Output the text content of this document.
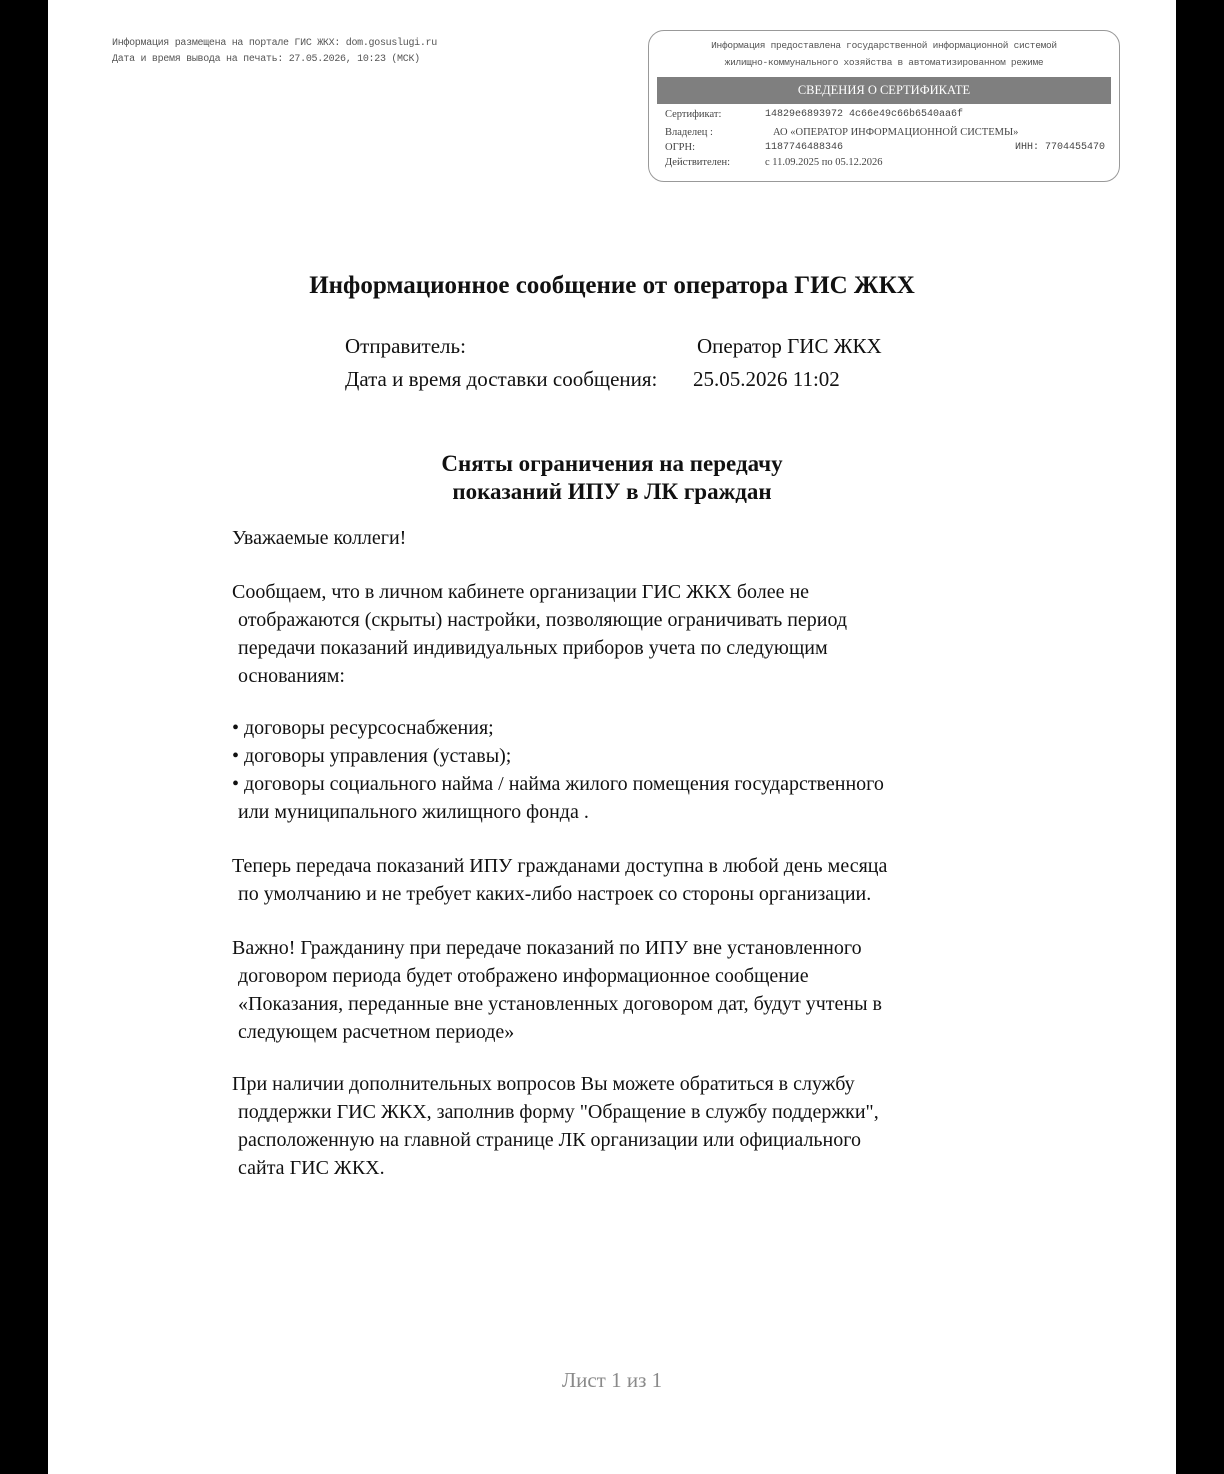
Информация размещена на портале ГИС ЖКХ: dom.gosuslugi.ru
Дата и время вывода на печать: 27.05.2026, 10:23 (МСК)
Информация предоставлена государственной информационной системой
жилищно-коммунального хозяйства в автоматизированном режиме
СВЕДЕНИЯ О СЕРТИФИКАТЕ
Сертификат:	14829e6893972 4c66e49c66b6540aa6f
Владелец :	АО «ОПЕРАТОР ИНФОРМАЦИОННОЙ СИСТЕМЫ»
ОГРН:	1187746488346	ИНН: 7704455470
Действителен:	с 11.09.2025 по 05.12.2026
Информационное сообщение от оператора ГИС ЖКХ
Отправитель:	Оператор ГИС ЖКХ
Дата и время доставки сообщения: 25.05.2026 11:02
Сняты ограничения на передачу
показаний ИПУ в ЛК граждан
Уважаемые коллеги!
Сообщаем, что в личном кабинете организации ГИС ЖКХ более не
отображаются (скрыты) настройки, позволяющие ограничивать период
передачи показаний индивидуальных приборов учета по следующим
основаниям:
• договоры ресурсоснабжения;
• договоры управления (уставы);
• договоры социального найма / найма жилого помещения государственного
или муниципального жилищного фонда .
Теперь передача показаний ИПУ гражданами доступна в любой день месяца
по умолчанию и не требует каких-либо настроек со стороны организации.
Важно! Гражданину при передаче показаний по ИПУ вне установленного
договором периода будет отображено информационное сообщение
«Показания, переданные вне установленных договором дат, будут учтены в
следующем расчетном периоде»
При наличии дополнительных вопросов Вы можете обратиться в службу
поддержки ГИС ЖКХ, заполнив форму "Обращение в службу поддержки",
расположенную на главной странице ЛК организации или официального
сайта ГИС ЖКХ.
Лист 1 из 1
